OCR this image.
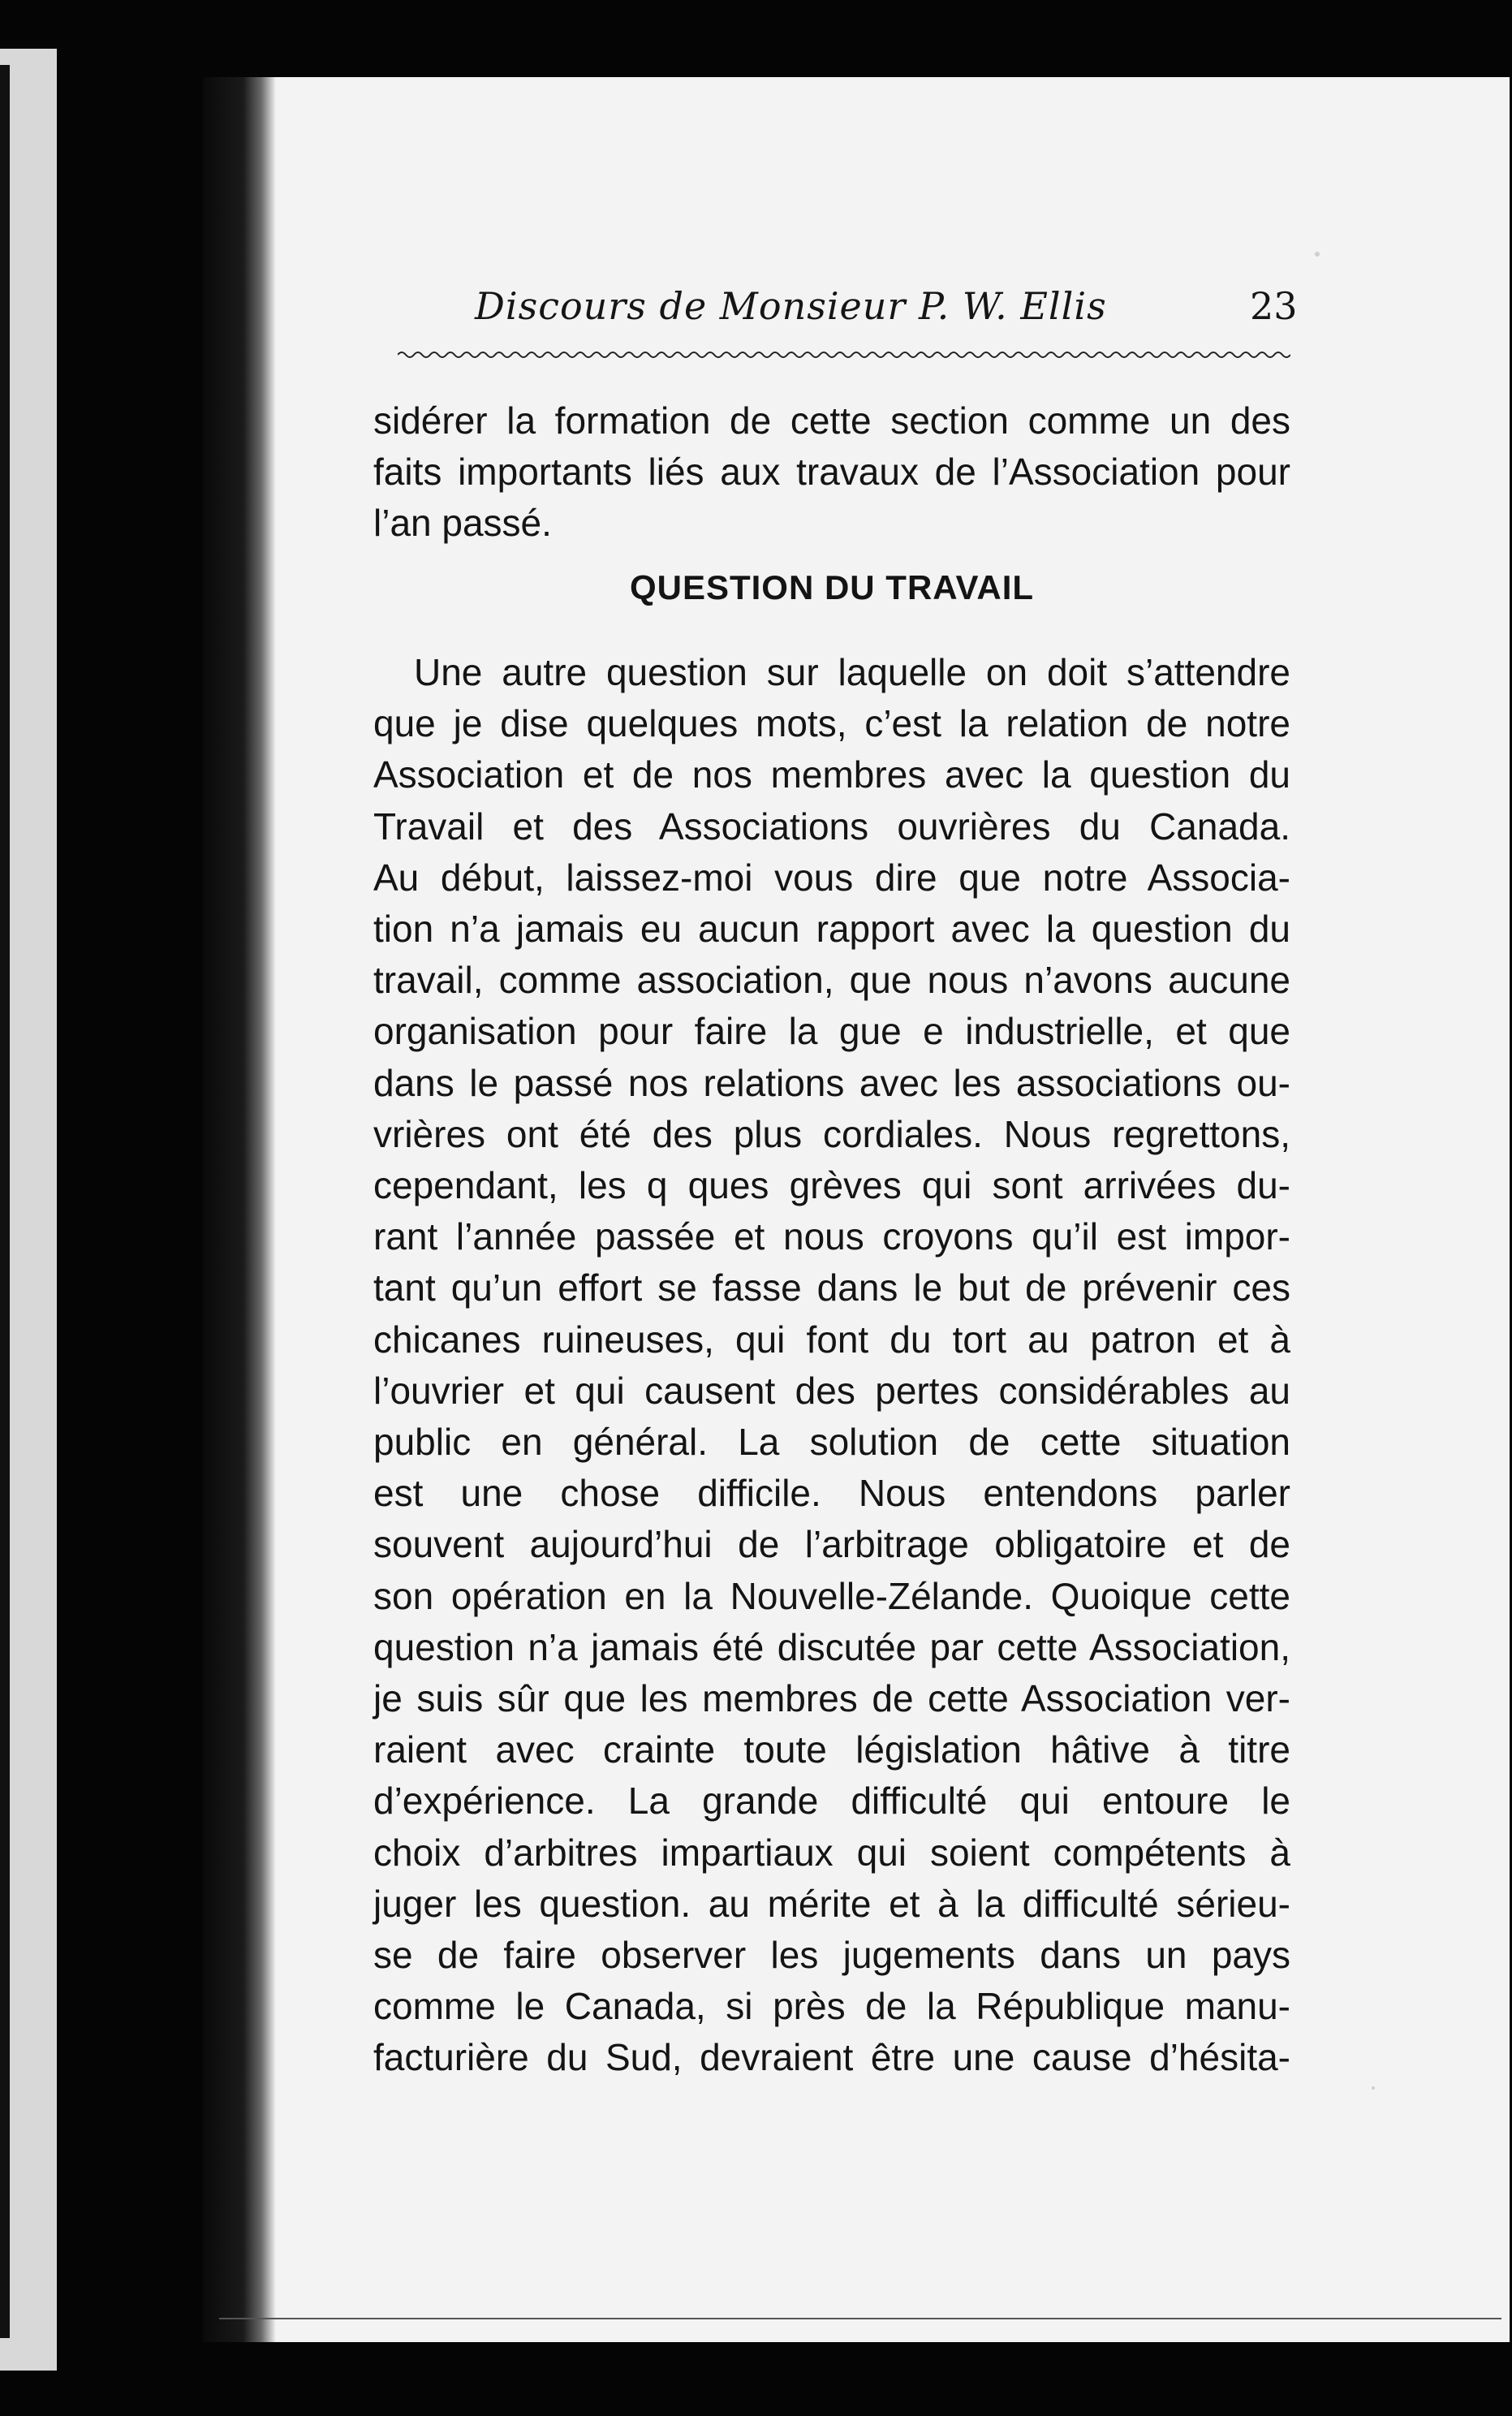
Discours de Monsieur P. W. Ellis	23
sidérer la formation de cette section comme un des
faits importants liés aux travaux de l’Association pour
l’an passé.
Une autre question sur laquelle on doit s’attendre
que je dise quelques mots, c’est la relation de notre
Association et de nos membres avec la question du
Travail et des Associations ouvrières du Canada.
Au début, laissez-moi vous dire que notre Associa-
tion n’a jamais eu aucun rapport avec la question du
travail, comme association, que nous n’avons aucune
organisation pour faire la gue e industrielle, et que
dans le passé nos relations avec les associations ou-
vrières ont été des plus cordiales. Nous regrettons,
cependant, les q ques grèves qui sont arrivées du-
rant l’année passée et nous croyons qu’il est impor-
tant qu’un effort se fasse dans le but de prévenir ces
chicanes ruineuses, qui font du tort au patron et à
l’ouvrier et qui causent des pertes considérables au
public en général. La solution de cette situation
est une chose difficile. Nous entendons parler
souvent aujourd’hui de l’arbitrage obligatoire et de
son opération en la Nouvelle-Zélande. Quoique cette
question n’a jamais été discutée par cette Association,
je suis sûr que les membres de cette Association ver-
raient avec crainte toute législation hâtive à titre
d’expérience. La grande difficulté qui entoure le
choix d’arbitres impartiaux qui soient compétents à
juger les question. au mérite et à la difficulté sérieu-
se de faire observer les jugements dans un pays
comme le Canada, si près de la République manu-
facturière du Sud, devraient être une cause d’hésita-
QUESTION DU TRAVAIL
